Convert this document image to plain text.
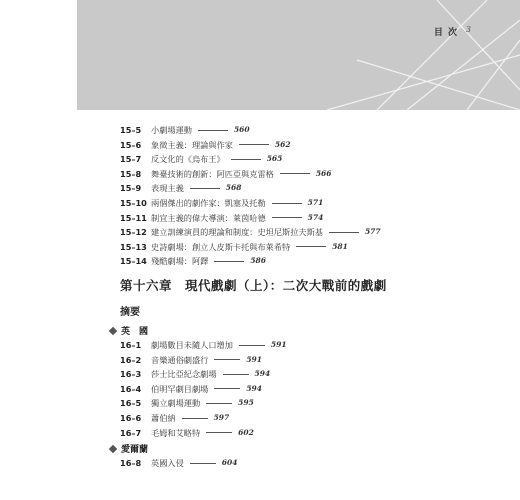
目 次 3
15–5 小劇場運動	560
15–6 象徵主義：理論與作家	562
15–7 反文化的《烏布王》	565
15–8 舞臺技術的創新：阿匹亞與克雷格	566
15–9 表現主義	568
15–10 兩個傑出的劇作家：凱塞及托勒	571
15–11 制宜主義的偉大導演：萊茵哈德	574
15–12 建立訓練演員的理論和制度：史坦尼斯拉夫斯基	577
15–13 史詩劇場：創立人皮斯卡托與布萊希特	581
15–14 殘酷劇場：阿鐸	586
第十六章　現代戲劇（上）：二次大戰前的戲劇
摘要
英　國
16–1 劇場數目未隨人口增加	591
16–2 音樂通俗劇盛行	591
16–3 莎士比亞紀念劇場	594
16–4 伯明罕劇目劇場	594
16–5 獨立劇場運動	595
16–6 蕭伯納	597
16–7 毛姆和艾略特	602
愛爾蘭
16–8 英國入侵	604
